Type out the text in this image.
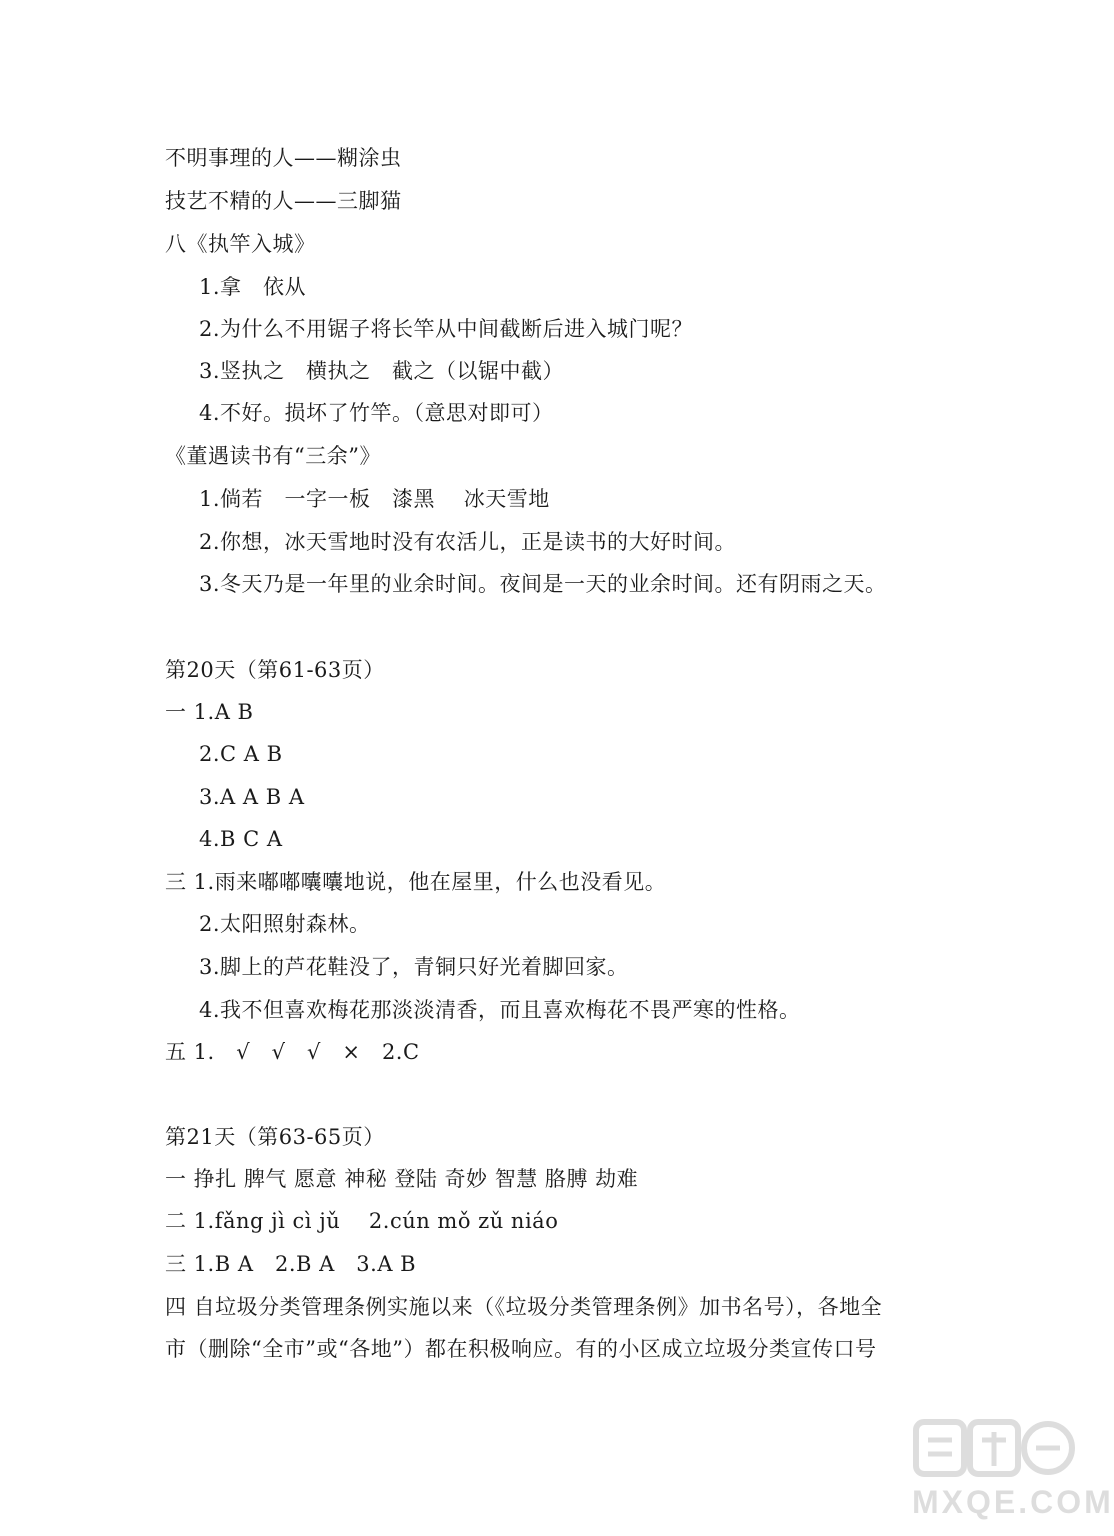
不明事理的人——糊涂虫
技艺不精的人——三脚猫
八《执竿入城》
1.拿　依从
2.为什么不用锯子将长竿从中间截断后进入城门呢？
3.竖执之　横执之　截之（以锯中截）
4.不好。损坏了竹竿。（意思对即可）
《董遇读书有“三余”》
1.倘若　一字一板　漆黑　 冰天雪地
2.你想，冰天雪地时没有农活儿，正是读书的大好时间。
3.冬天乃是一年里的业余时间。夜间是一天的业余时间。还有阴雨之天。
第20天（第61-63页）
一 1.A B
2.C A B
3.A A B A
4.B C A
三 1.雨来嘟嘟囔囔地说，他在屋里，什么也没看见。
2.太阳照射森林。
3.脚上的芦花鞋没了，青铜只好光着脚回家。
4.我不但喜欢梅花那淡淡清香，而且喜欢梅花不畏严寒的性格。
五 1.　√　√　√　×　2.C
第21天（第63-65页）
一 挣扎 脾气 愿意 神秘 登陆 奇妙 智慧 胳膊 劫难
二 1.fǎng jì cì jǔ　 2.cún mǒ zǔ niáo
三 1.B A　2.B A　3.A B
四 自垃圾分类管理条例实施以来（《垃圾分类管理条例》加书名号），各地全
市（删除“全市”或“各地”）都在积极响应。有的小区成立垃圾分类宣传口号
MXQE.COM
